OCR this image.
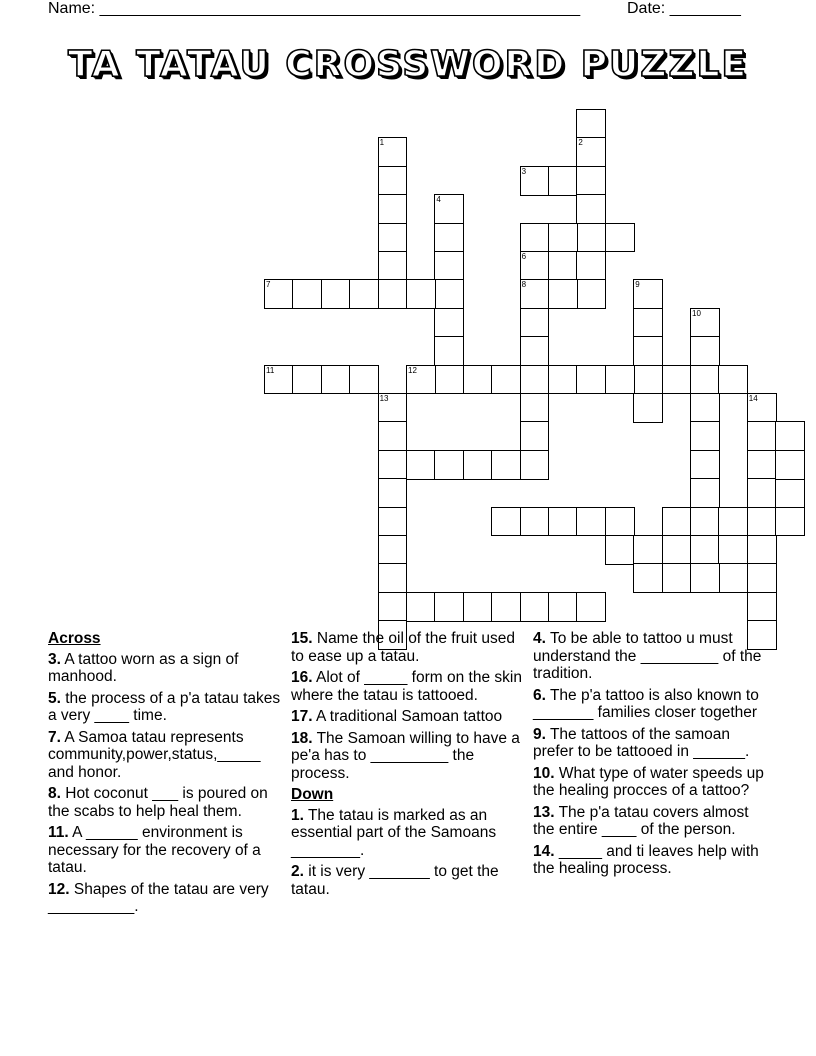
Name: ______________________________________________________	Date: ________
TA TATAU CROSSWORD PUZZLE
1
3
2
4
7
6
8	9
10
12
11
13	14
Across
3. A tattoo worn as a sign of manhood.
5. the process of a p'a tatau takes a very ____ time.
7. A Samoa tatau represents community,power,status,_____ and honor.
8. Hot coconut ___ is poured on the scabs to help heal them.
11. A ______ environment is necessary for the recovery of a tatau.
12. Shapes of the tatau are very __________.
15. Name the oil of the fruit used to ease up a tatau.
16. Alot of _____ form on the skin where the tatau is tattooed.
17. A traditional Samoan tattoo
18. The Samoan willing to have a pe'a has to _________ the process.
Down
1. The tatau is marked as an essential part of the Samoans ________.
2. it is very _______ to get the tatau.
4. To be able to tattoo u must understand the _________ of the tradition.
6. The p'a tattoo is also known to _______ families closer together
9. The tattoos of the samoan prefer to be tattooed in ______.
10. What type of water speeds up the healing procces of a tattoo?
13. The p'a tatau covers almost the entire ____ of the person.
14. _____ and ti leaves help with the healing process.
